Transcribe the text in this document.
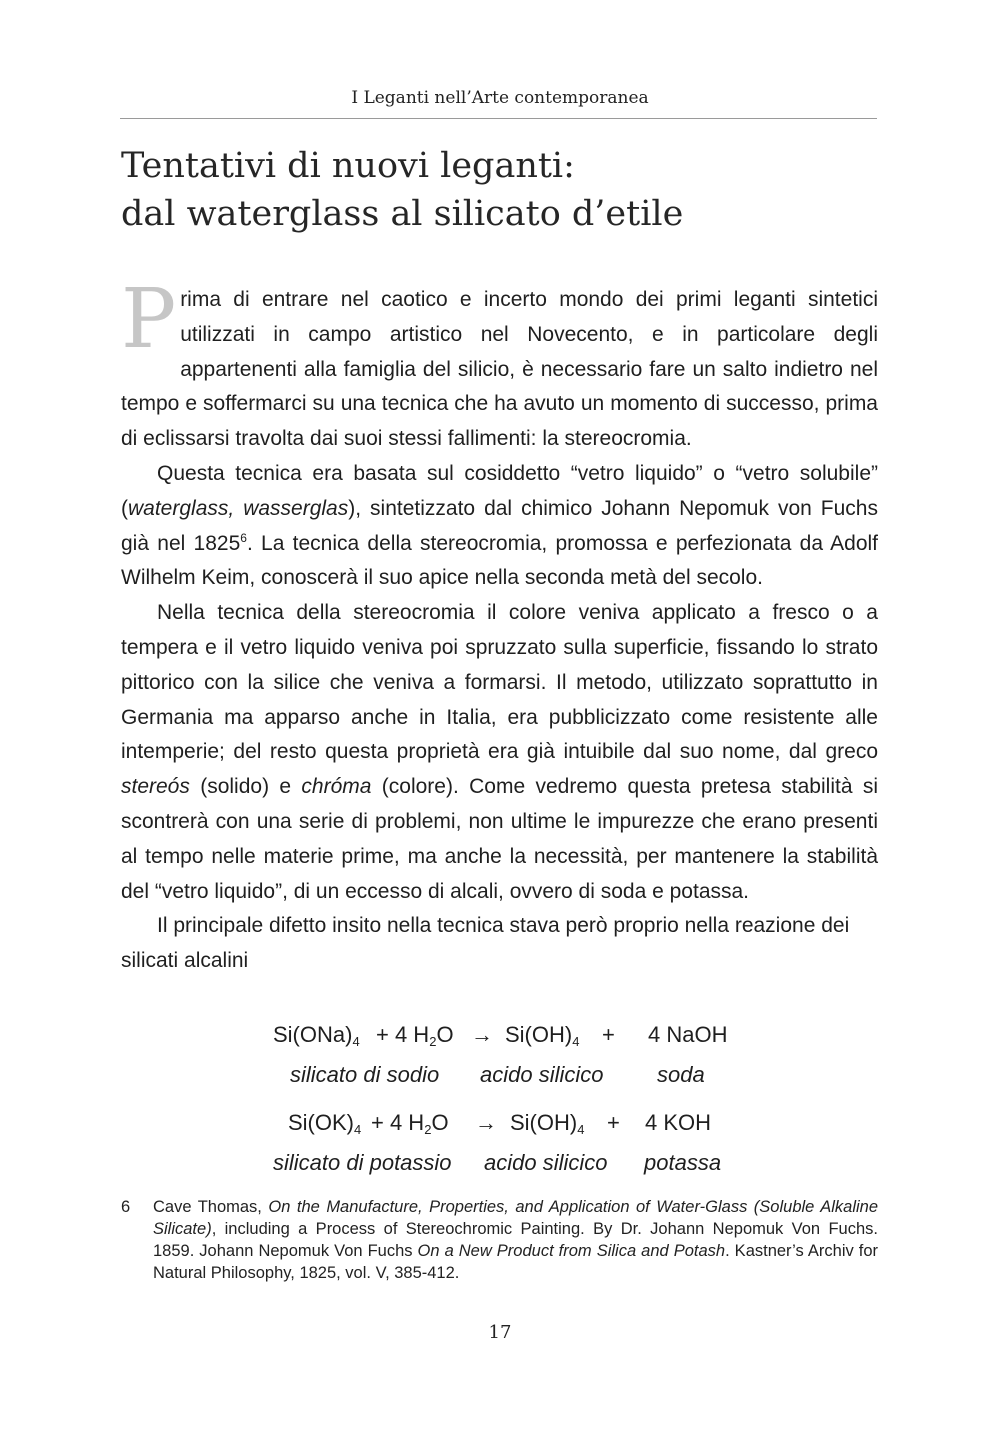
I Leganti nell’Arte contemporanea
Tentativi di nuovi leganti:
dal waterglass al silicato d’etile

Prima di entrare nel caotico e incerto mondo dei primi leganti sintetici utilizzati in campo artistico nel Novecento, e in particolare degli appartenenti alla famiglia del silicio, è necessario fare un salto indietro nel tempo e soffermarci su una tecnica che ha avuto un momento di successo, prima di eclissarsi travolta dai suoi stessi fallimenti: la stereocromia.

Questa tecnica era basata sul cosiddetto “vetro liquido” o “vetro solubile” (waterglass, wasserglas), sintetizzato dal chimico Johann Nepomuk von Fuchs già nel 1825$^6$. La tecnica della stereocromia, promossa e perfezionata da Adolf Wilhelm Keim, conoscerà il suo apice nella seconda metà del secolo.

Nella tecnica della stereocromia il colore veniva applicato a fresco o a tempera e il vetro liquido veniva poi spruzzato sulla superficie, fissando lo strato pittorico con la silice che veniva a formarsi. Il metodo, utilizzato soprattutto in Germania ma apparso anche in Italia, era pubblicizzato come resistente alle intemperie; del resto questa proprietà era già intuibile dal suo nome, dal greco stereós (solido) e chróma (colore). Come vedremo questa pretesa stabilità si scontrerà con una serie di problemi, non ultime le impurezze che erano presenti al tempo nelle materie prime, ma anche la necessità, per mantenere la stabilità del “vetro liquido”, di un eccesso di alcali, ovvero di soda e potassa.

Il principale difetto insito nella tecnica stava però proprio nella reazione dei silicati alcalini

$Si(ONa)_4 + 4$ $H_2O \to Si(OH)_4 + 4$ NaOH
silicato di sodio acido silicico soda
$Si(OK)_4 + 4$ $H_2O \to Si(OH)_4 + 4$ KOH
silicato di potassio acido silicico potassa
6	Cave Thomas, On the Manufacture, Properties, and Application of Water-Glass (Soluble Alkaline Silicate), including a Process of Stereochromic Painting. By Dr. Johann Nepomuk Von Fuchs. 1859. Johann Nepomuk Von Fuchs On a New Product from Silica and Potash. Kastner’s Archiv for Natural Philosophy, 1825, vol. V, 385-412.
17
